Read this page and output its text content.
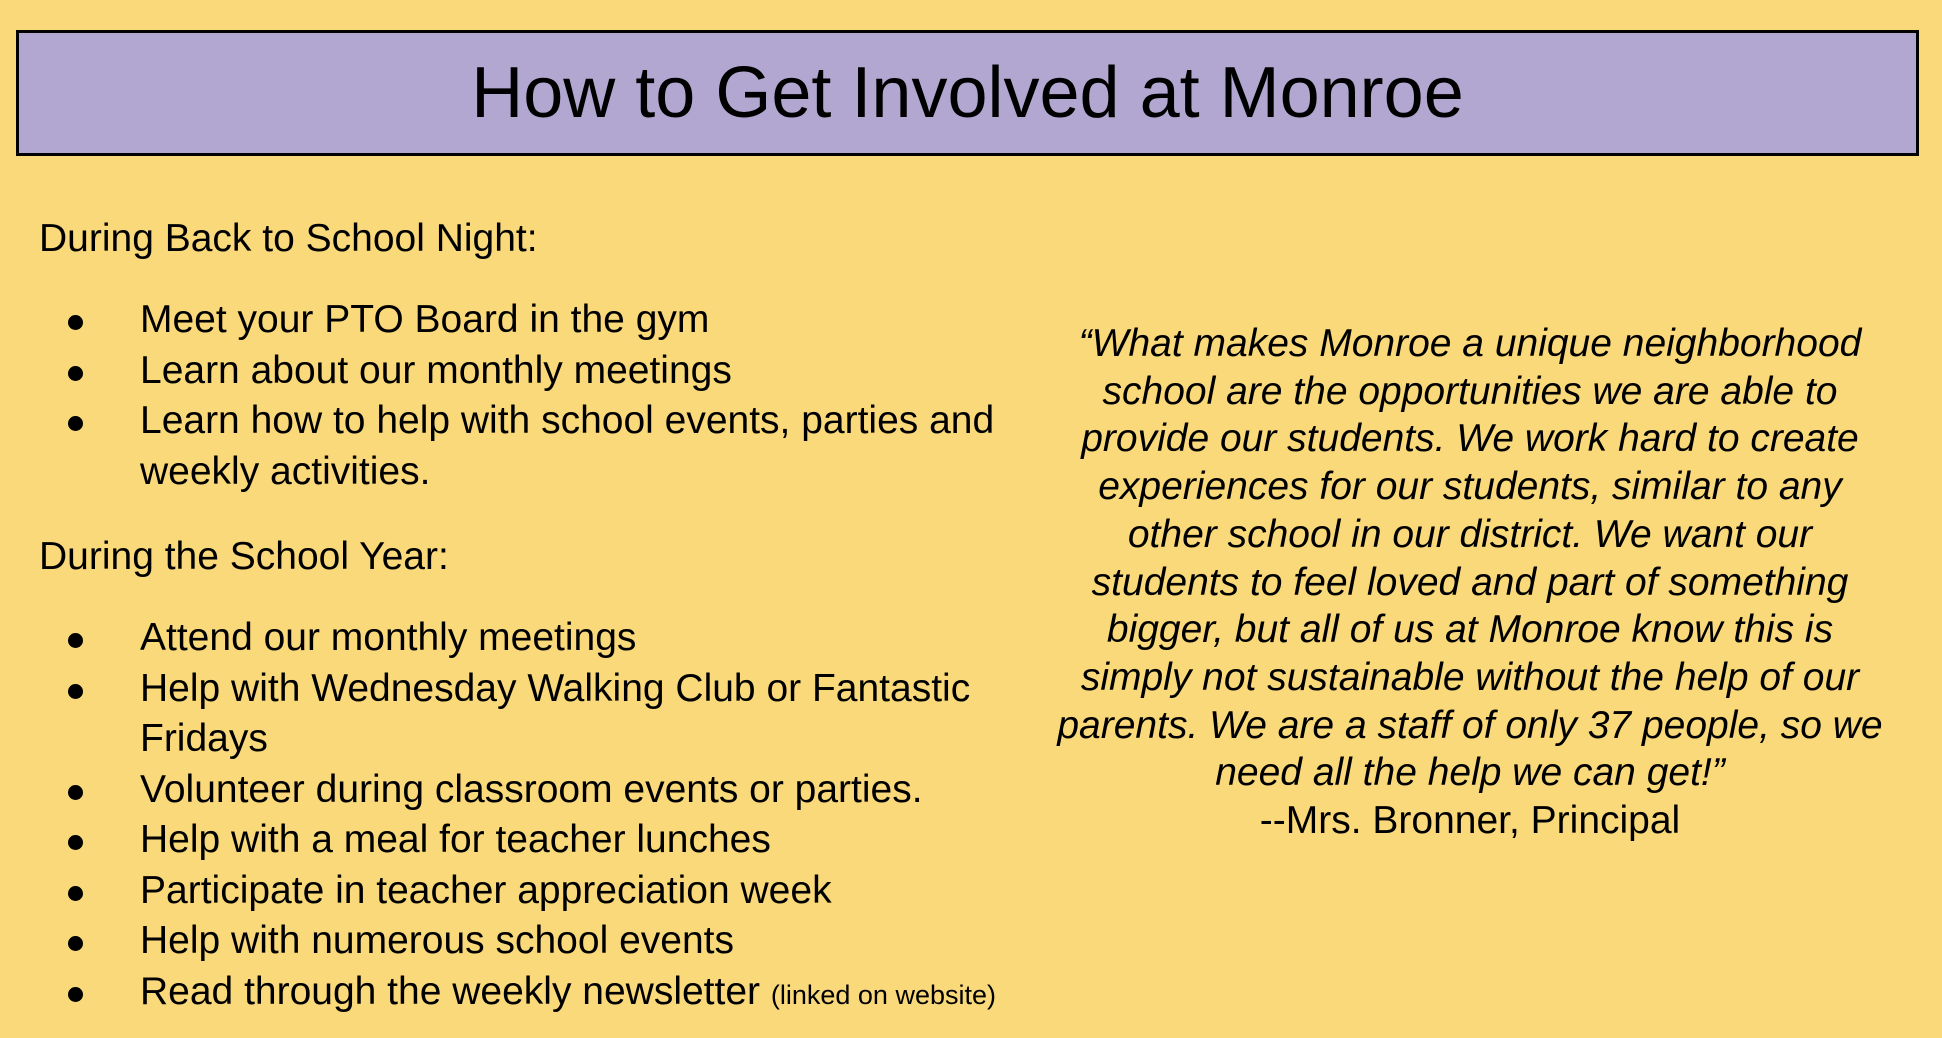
How to Get Involved at Monroe
During Back to School Night:
Meet your PTO Board in the gym
Learn about our monthly meetings
Learn how to help with school events, parties and weekly activities.
During the School Year:
Attend our monthly meetings
Help with Wednesday Walking Club or Fantastic Fridays
Volunteer during classroom events or parties.
Help with a meal for teacher lunches
Participate in teacher appreciation week
Help with numerous school events
Read through the weekly newsletter (linked on website)
“What makes Monroe a unique neighborhood school are the opportunities we are able to provide our students. We work hard to create experiences for our students, similar to any other school in our district. We want our students to feel loved and part of something bigger, but all of us at Monroe know this is simply not sustainable without the help of our parents. We are a staff of only 37 people, so we need all the help we can get!”
--Mrs. Bronner, Principal
